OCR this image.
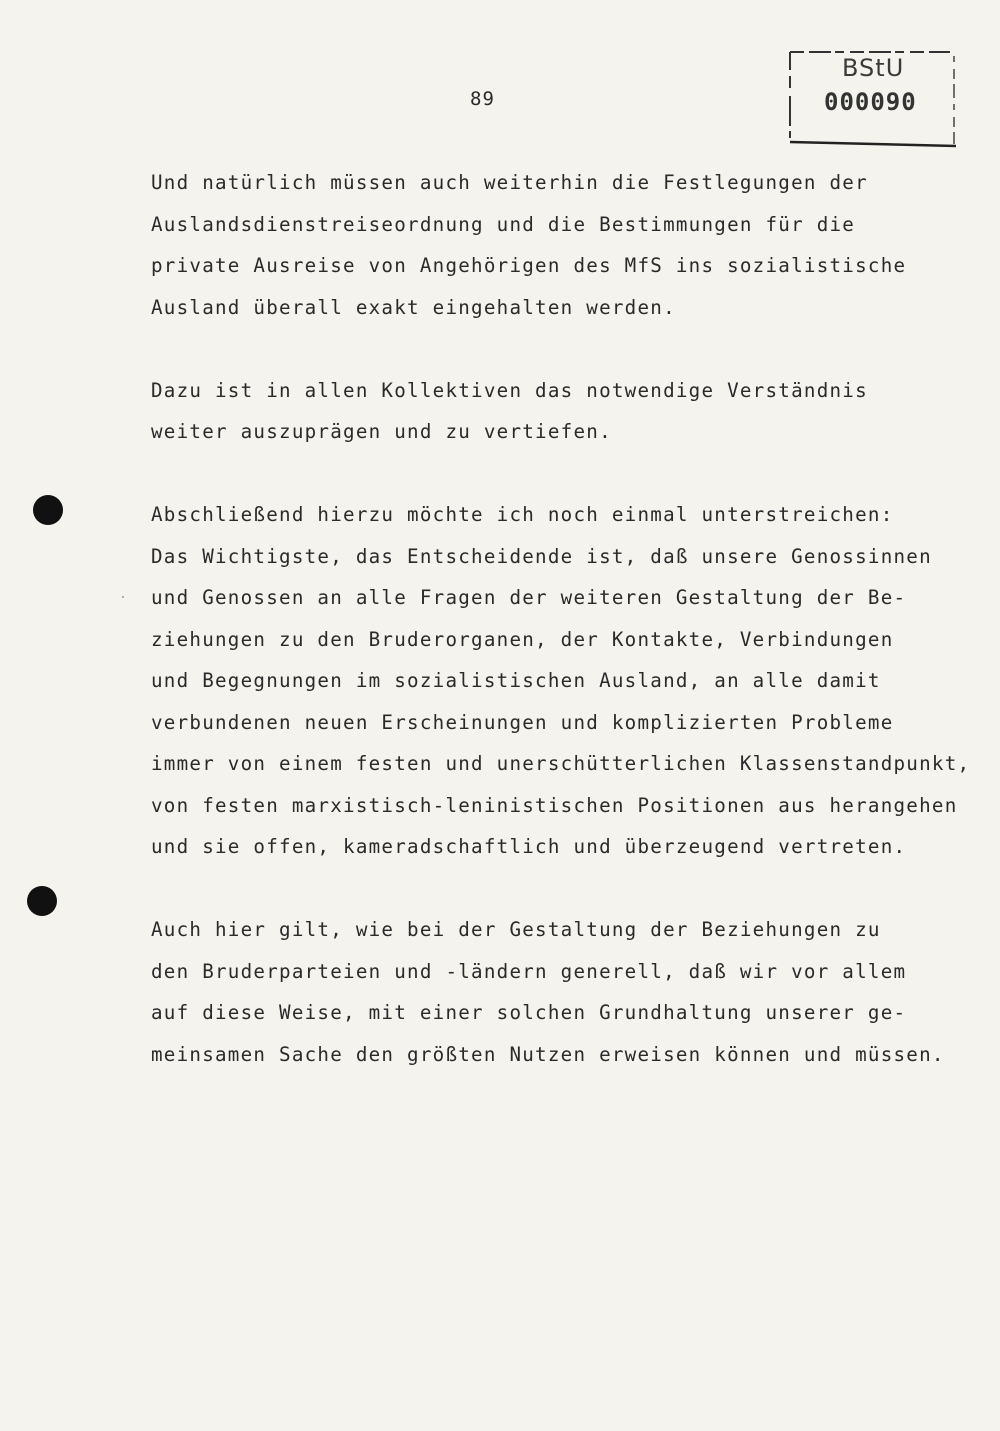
89
BStU
000090
Und natürlich müssen auch weiterhin die Festlegungen der
Auslandsdienstreiseordnung und die Bestimmungen für die
private Ausreise von Angehörigen des MfS ins sozialistische
Ausland überall exakt eingehalten werden.
Dazu ist in allen Kollektiven das notwendige Verständnis
weiter auszuprägen und zu vertiefen.
Abschließend hierzu möchte ich noch einmal unterstreichen:
Das Wichtigste, das Entscheidende ist, daß unsere Genossinnen
und Genossen an alle Fragen der weiteren Gestaltung der Be-
ziehungen zu den Bruderorganen, der Kontakte, Verbindungen
und Begegnungen im sozialistischen Ausland, an alle damit
verbundenen neuen Erscheinungen und komplizierten Probleme
immer von einem festen und unerschütterlichen Klassenstandpunkt,
von festen marxistisch-leninistischen Positionen aus herangehen
und sie offen, kameradschaftlich und überzeugend vertreten.
Auch hier gilt, wie bei der Gestaltung der Beziehungen zu
den Bruderparteien und -ländern generell, daß wir vor allem
auf diese Weise, mit einer solchen Grundhaltung unserer ge-
meinsamen Sache den größten Nutzen erweisen können und müssen.
